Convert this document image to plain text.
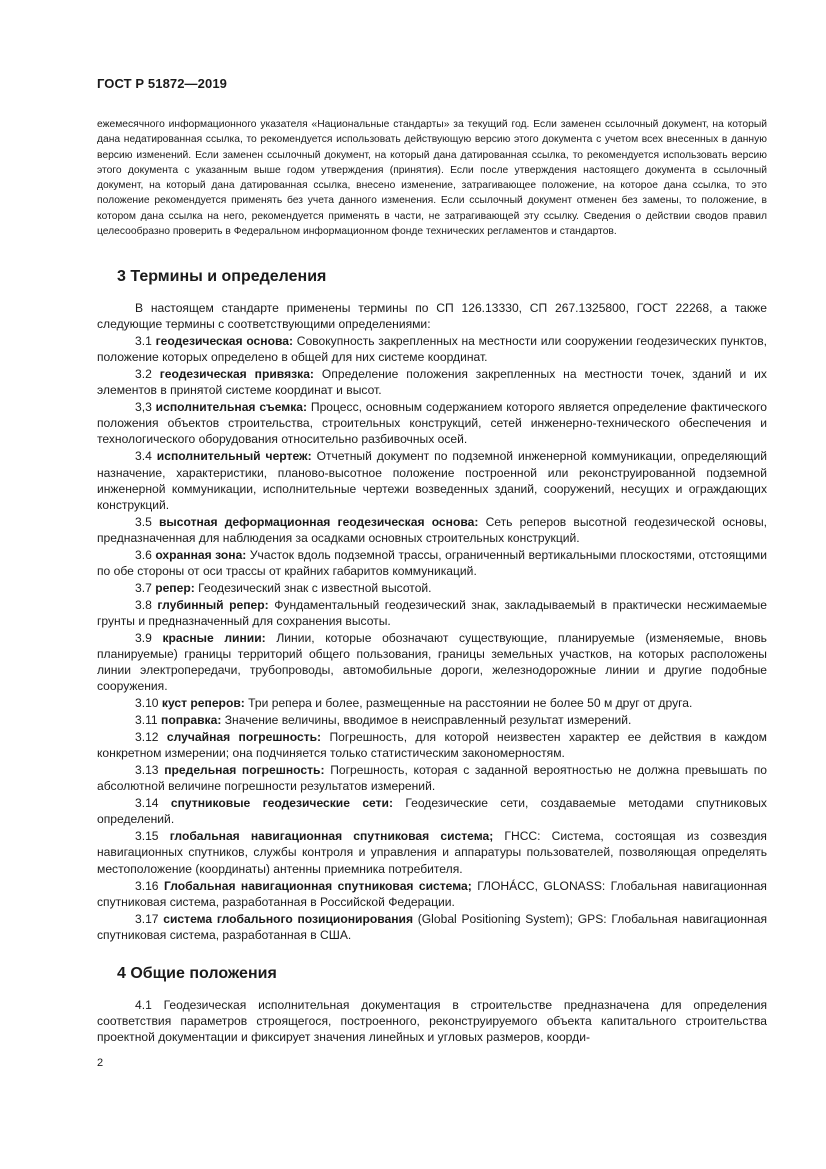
ГОСТ Р 51872—2019

ежемесячного информационного указателя «Национальные стандарты» за текущий год. Если заменен ссылочный документ, на который дана недатированная ссылка, то рекомендуется использовать действующую версию этого документа с учетом всех внесенных в данную версию изменений. Если заменен ссылочный документ, на который дана датированная ссылка, то рекомендуется использовать версию этого документа с указанным выше годом утверждения (принятия). Если после утверждения настоящего документа в ссылочный документ, на который дана датированная ссылка, внесено изменение, затрагивающее положение, на которое дана ссылка, то это положение рекомендуется применять без учета данного изменения. Если ссылочный документ отменен без замены, то положение, в котором дана ссылка на него, рекомендуется применять в части, не затрагивающей эту ссылку. Сведения о действии сводов правил целесообразно проверить в Федеральном информационном фонде технических регламентов и стандартов.

3 Термины и определения

В настоящем стандарте применены термины по СП 126.13330, СП 267.1325800, ГОСТ 22268, а также следующие термины с соответствующими определениями:

3.1 геодезическая основа: Совокупность закрепленных на местности или сооружении геодезических пунктов, положение которых определено в общей для них системе координат.

3.2 геодезическая привязка: Определение положения закрепленных на местности точек, зданий и их элементов в принятой системе координат и высот.

3,3 исполнительная съемка: Процесс, основным содержанием которого является определение фактического положения объектов строительства, строительных конструкций, сетей инженерно-технического обеспечения и технологического оборудования относительно разбивочных осей.

3.4 исполнительный чертеж: Отчетный документ по подземной инженерной коммуникации, определяющий назначение, характеристики, планово-высотное положение построенной или реконструированной подземной инженерной коммуникации, исполнительные чертежи возведенных зданий, сооружений, несущих и ограждающих конструкций.

3.5 высотная деформационная геодезическая основа: Сеть реперов высотной геодезической основы, предназначенная для наблюдения за осадками основных строительных конструкций.

3.6 охранная зона: Участок вдоль подземной трассы, ограниченный вертикальными плоскостями, отстоящими по обе стороны от оси трассы от крайних габаритов коммуникаций.

3.7 репер: Геодезический знак с известной высотой.

3.8 глубинный репер: Фундаментальный геодезический знак, закладываемый в практически несжимаемые грунты и предназначенный для сохранения высоты.

3.9 красные линии: Линии, которые обозначают существующие, планируемые (изменяемые, вновь планируемые) границы территорий общего пользования, границы земельных участков, на которых расположены линии электропередачи, трубопроводы, автомобильные дороги, железнодорожные линии и другие подобные сооружения.

3.10 куст реперов: Три репера и более, размещенные на расстоянии не более 50 м друг от друга.

3.11 поправка: Значение величины, вводимое в неисправленный результат измерений.

3.12 случайная погрешность: Погрешность, для которой неизвестен характер ее действия в каждом конкретном измерении; она подчиняется только статистическим закономерностям.

3.13 предельная погрешность: Погрешность, которая с заданной вероятностью не должна превышать по абсолютной величине погрешности результатов измерений.

3.14 спутниковые геодезические сети: Геодезические сети, создаваемые методами спутниковых определений.

3.15 глобальная навигационная спутниковая система; ГНСС: Система, состоящая из созвездия навигационных спутников, службы контроля и управления и аппаратуры пользователей, позволяющая определять местоположение (координаты) антенны приемника потребителя.

3.16 Глобальная навигационная спутниковая система; ГЛОНÁСС, GLONASS: Глобальная навигационная спутниковая система, разработанная в Российской Федерации.

3.17 система глобального позиционирования (Global Positioning System); GPS: Глобальная навигационная спутниковая система, разработанная в США.

4 Общие положения

4.1 Геодезическая исполнительная документация в строительстве предназначена для определения соответствия параметров строящегося, построенного, реконструируемого объекта капитального строительства проектной документации и фиксирует значения линейных и угловых размеров, коорди-

2
